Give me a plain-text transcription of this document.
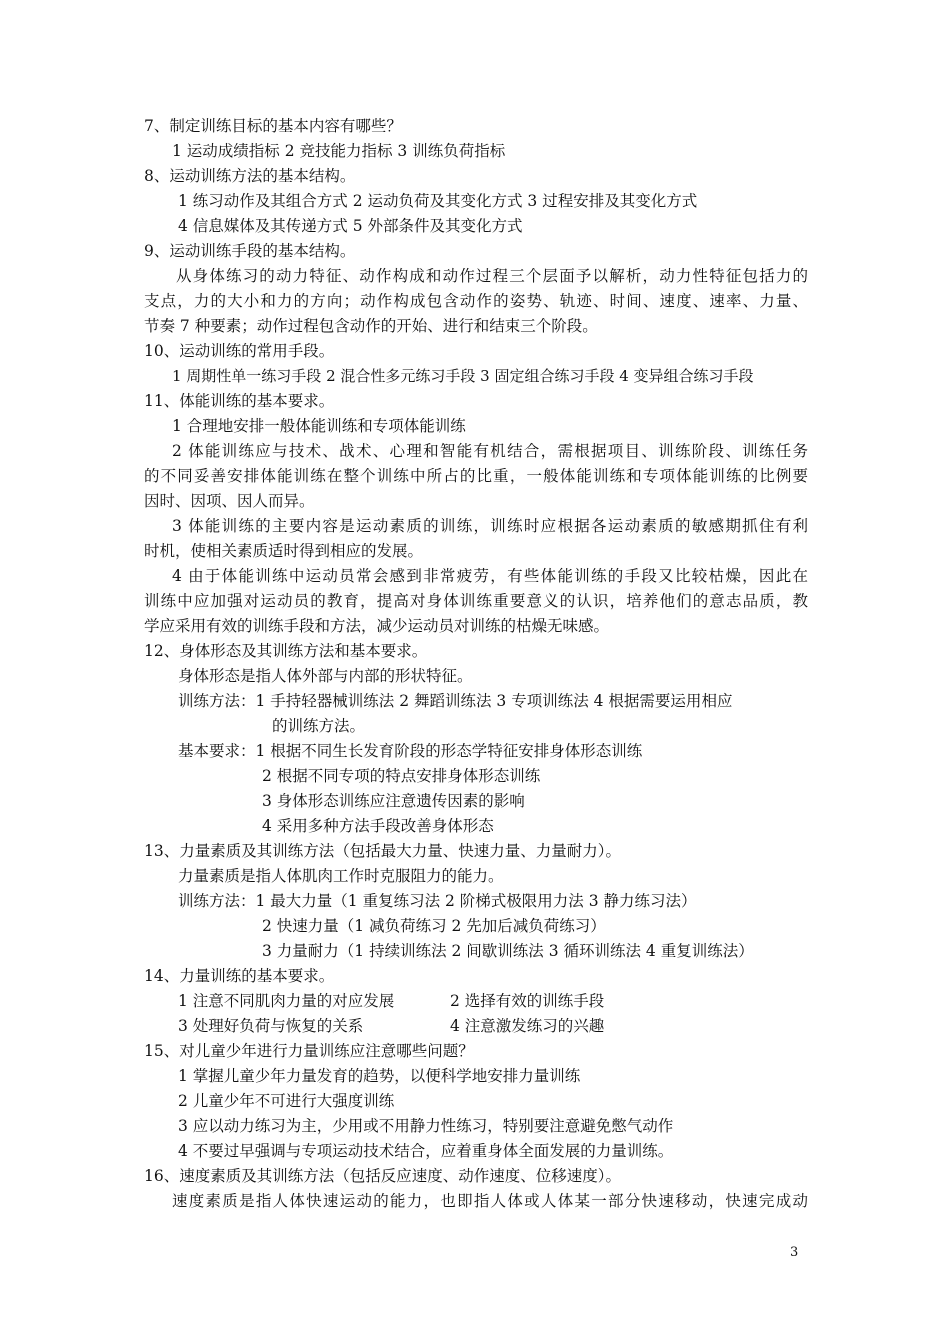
7、制定训练目标的基本内容有哪些？
1 运动成绩指标 2 竞技能力指标 3 训练负荷指标
8、运动训练方法的基本结构。
1 练习动作及其组合方式 2 运动负荷及其变化方式 3 过程安排及其变化方式
4 信息媒体及其传递方式 5 外部条件及其变化方式
9、运动训练手段的基本结构。
从身体练习的动力特征、动作构成和动作过程三个层面予以解析，动力性特征包括力的
支点，力的大小和力的方向；动作构成包含动作的姿势、轨迹、时间、速度、速率、力量、
节奏 7 种要素；动作过程包含动作的开始、进行和结束三个阶段。
10、运动训练的常用手段。
1 周期性单一练习手段 2 混合性多元练习手段 3 固定组合练习手段 4 变异组合练习手段
11、体能训练的基本要求。
1 合理地安排一般体能训练和专项体能训练
2 体能训练应与技术、战术、心理和智能有机结合，需根据项目、训练阶段、训练任务
的不同妥善安排体能训练在整个训练中所占的比重，一般体能训练和专项体能训练的比例要
因时、因项、因人而异。
3 体能训练的主要内容是运动素质的训练，训练时应根据各运动素质的敏感期抓住有利
时机，使相关素质适时得到相应的发展。
4 由于体能训练中运动员常会感到非常疲劳，有些体能训练的手段又比较枯燥，因此在
训练中应加强对运动员的教育，提高对身体训练重要意义的认识，培养他们的意志品质，教
学应采用有效的训练手段和方法，减少运动员对训练的枯燥无味感。
12、身体形态及其训练方法和基本要求。
身体形态是指人体外部与内部的形状特征。
训练方法：1 手持轻器械训练法 2 舞蹈训练法 3 专项训练法 4 根据需要运用相应
的训练方法。
基本要求：1 根据不同生长发育阶段的形态学特征安排身体形态训练
2 根据不同专项的特点安排身体形态训练
3 身体形态训练应注意遗传因素的影响
4 采用多种方法手段改善身体形态
13、力量素质及其训练方法（包括最大力量、快速力量、力量耐力）。
力量素质是指人体肌肉工作时克服阻力的能力。
训练方法：1 最大力量（1 重复练习法 2 阶梯式极限用力法 3 静力练习法）
2 快速力量（1 减负荷练习 2 先加后减负荷练习）
3 力量耐力（1 持续训练法 2 间歇训练法 3 循环训练法 4 重复训练法）
14、力量训练的基本要求。
1 注意不同肌肉力量的对应发展	2 选择有效的训练手段
3 处理好负荷与恢复的关系	4 注意激发练习的兴趣
15、对儿童少年进行力量训练应注意哪些问题？
1 掌握儿童少年力量发育的趋势，以便科学地安排力量训练
2 儿童少年不可进行大强度训练
3 应以动力练习为主，少用或不用静力性练习，特别要注意避免憋气动作
4 不要过早强调与专项运动技术结合，应着重身体全面发展的力量训练。
16、速度素质及其训练方法（包括反应速度、动作速度、位移速度）。
速度素质是指人体快速运动的能力，也即指人体或人体某一部分快速移动，快速完成动
3
